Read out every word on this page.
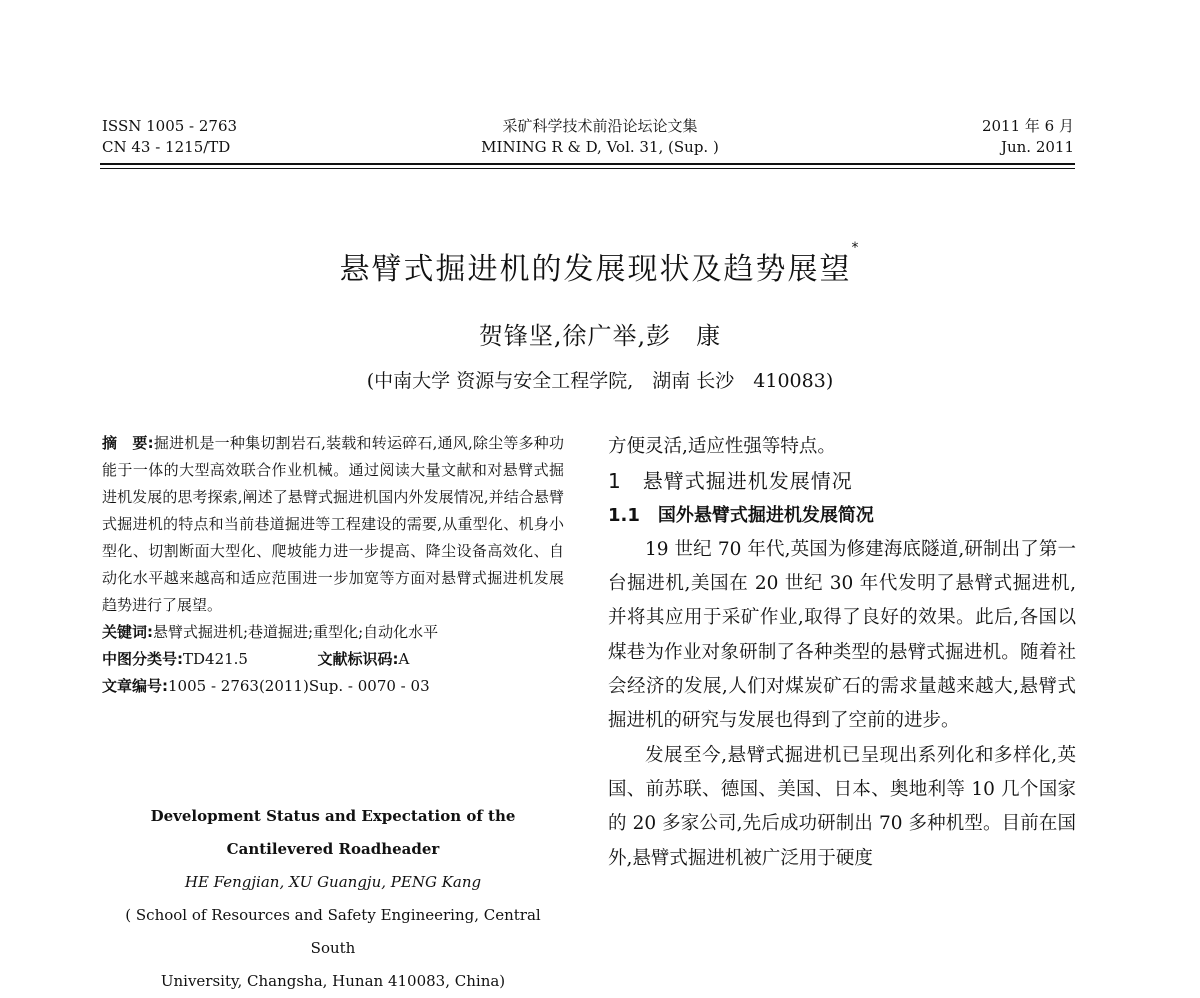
ISSN 1005 - 2763
CN 43 - 1215/TD
采矿科学技术前沿论坛论文集
MINING R & D, Vol. 31, (Sup. )
2011 年 6 月
Jun. 2011
悬臂式掘进机的发展现状及趋势展望*
贺锋坚,徐广举,彭　康
(中南大学 资源与安全工程学院,　湖南 长沙　410083)
摘　要:掘进机是一种集切割岩石,装载和转运碎石,通风,除尘等多种功能于一体的大型高效联合作业机械。通过阅读大量文献和对悬臂式掘进机发展的思考探索,阐述了悬臂式掘进机国内外发展情况,并结合悬臂式掘进机的特点和当前巷道掘进等工程建设的需要,从重型化、机身小型化、切割断面大型化、爬坡能力进一步提高、降尘设备高效化、自动化水平越来越高和适应范围进一步加宽等方面对悬臂式掘进机发展趋势进行了展望。
关键词:悬臂式掘进机;巷道掘进;重型化;自动化水平
中图分类号:TD421.5	文献标识码:A
文章编号:1005 - 2763(2011)Sup. - 0070 - 03
Development Status and Expectation of the
Cantilevered Roadheader
HE Fengjian, XU Guangju, PENG Kang
( School of Resources and Safety Engineering, Central South
University, Changsha, Hunan 410083, China)

方便灵活,适应性强等特点。

1　悬臂式掘进机发展情况

1.1　国外悬臂式掘进机发展简况

19 世纪 70 年代,英国为修建海底隧道,研制出了第一台掘进机,美国在 20 世纪 30 年代发明了悬臂式掘进机,并将其应用于采矿作业,取得了良好的效果。此后,各国以煤巷为作业对象研制了各种类型的悬臂式掘进机。随着社会经济的发展,人们对煤炭矿石的需求量越来越大,悬臂式掘进机的研究与发展也得到了空前的进步。

发展至今,悬臂式掘进机已呈现出系列化和多样化,英国、前苏联、德国、美国、日本、奥地利等 10 几个国家的 20 多家公司,先后成功研制出 70 多种机型。目前在国外,悬臂式掘进机被广泛用于硬度
